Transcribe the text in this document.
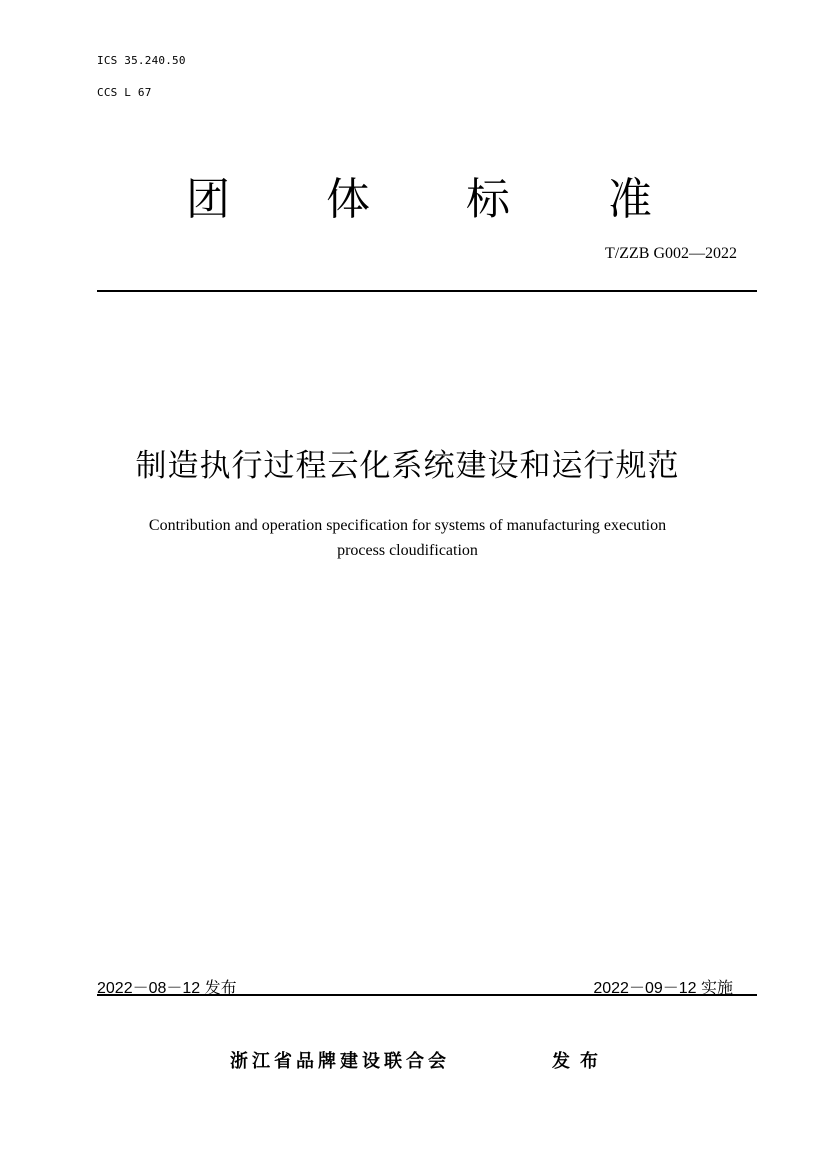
ICS 35.240.50
CCS L 67
团 体 标 准
T/ZZB G002—2022
制造执行过程云化系统建设和运行规范
Contribution and operation specification for systems of manufacturing execution
process cloudification
2022－08－12 发布	2022－09－12 实施
浙江省品牌建设联合会	发布
